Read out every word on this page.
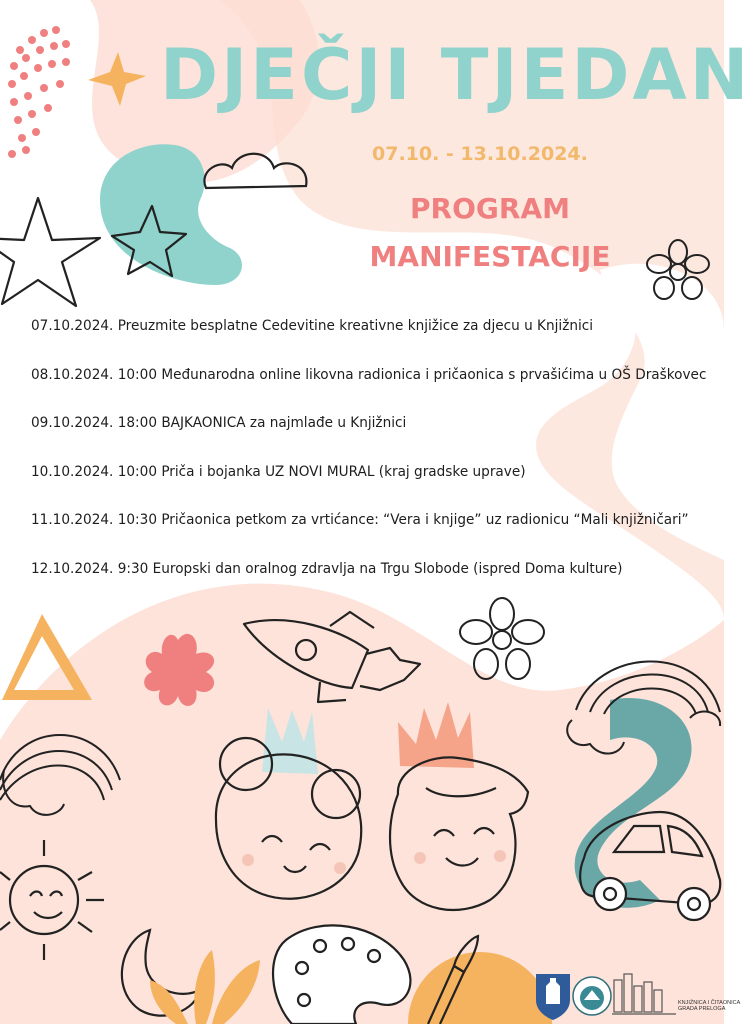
DJEČJI TJEDAN
07.10. - 13.10.2024.
PROGRAM
MANIFESTACIJE
07.10.2024. Preuzmite besplatne Cedevitine kreativne knjižice za djecu u Knjižnici
08.10.2024. 10:00 Međunarodna online likovna radionica i pričaonica s prvašićima u OŠ Draškovec
09.10.2024. 18:00 BAJKAONICA za najmlađe u Knjižnici
10.10.2024. 10:00 Priča i bojanka UZ NOVI MURAL (kraj gradske uprave)
11.10.2024. 10:30 Pričaonica petkom za vrtićance: “Vera i knjige” uz radionicu “Mali knjižničari”
12.10.2024. 9:30 Europski dan oralnog zdravlja na Trgu Slobode (ispred Doma kulture)
KNJIŽNICA I ČITAONICA
GRADA PRELOGA
